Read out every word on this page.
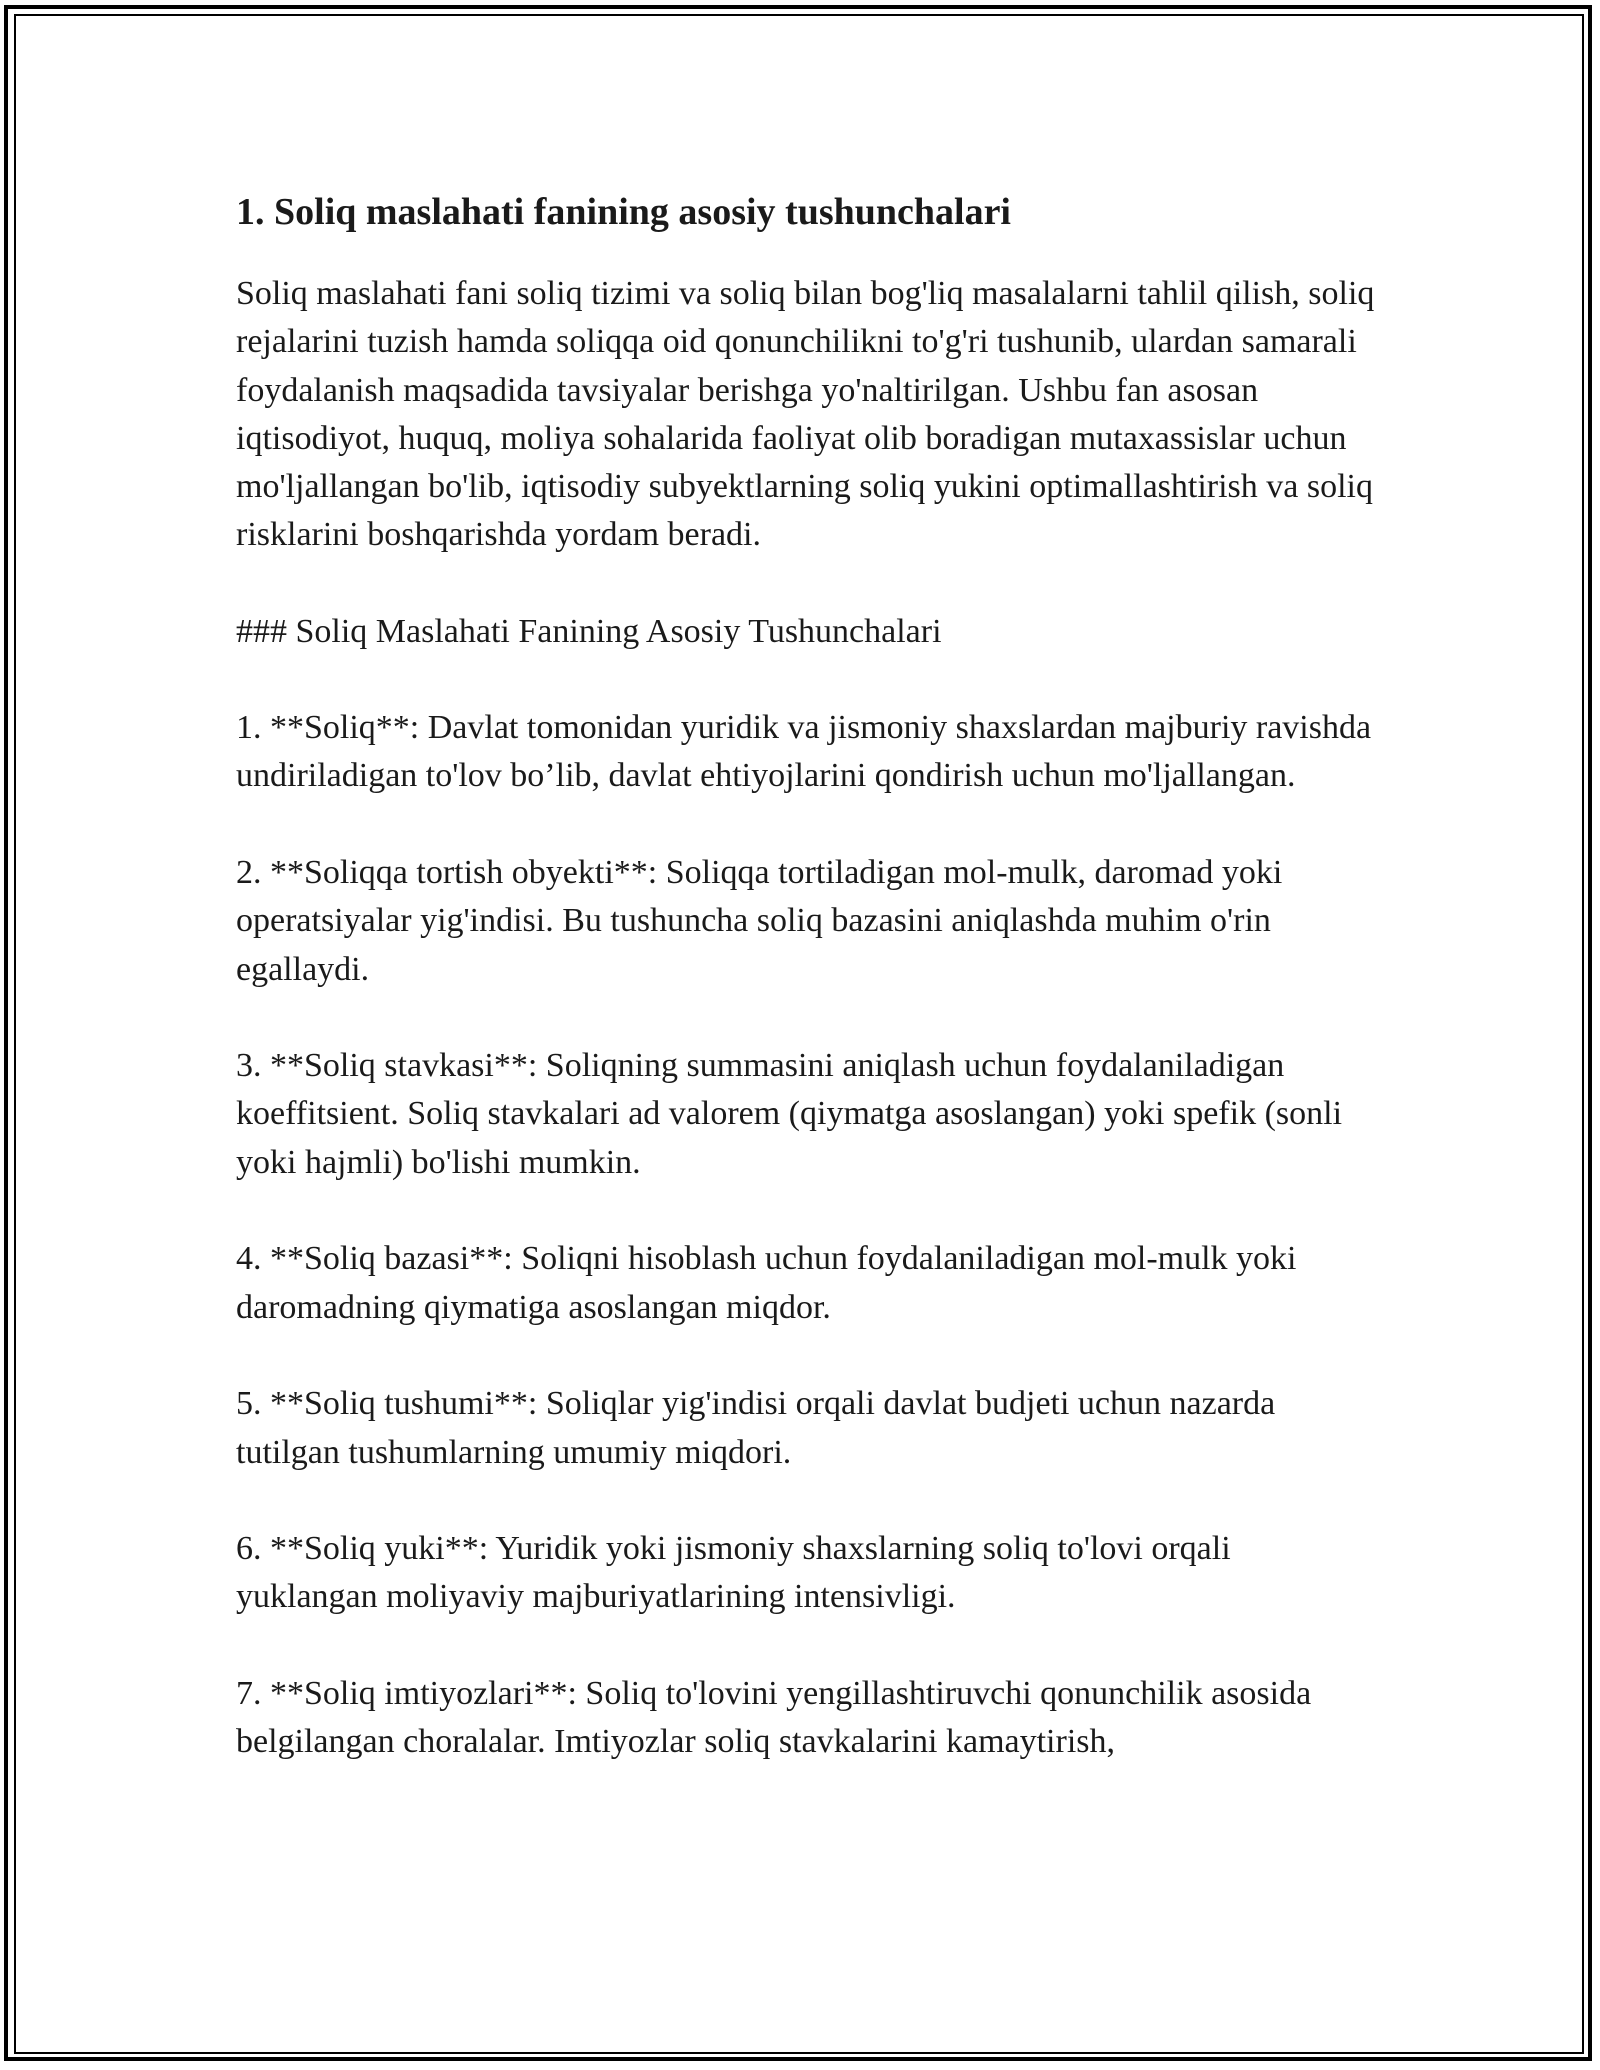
1. Soliq maslahati fanining asosiy tushunchalari

Soliq maslahati fani soliq tizimi va soliq bilan bog'liq masalalarni tahlil qilish, soliq rejalarini tuzish hamda soliqqa oid qonunchilikni to'g'ri tushunib, ulardan samarali foydalanish maqsadida tavsiyalar berishga yo'naltirilgan. Ushbu fan asosan iqtisodiyot, huquq, moliya sohalarida faoliyat olib boradigan mutaxassislar uchun mo'ljallangan bo'lib, iqtisodiy subyektlarning soliq yukini optimallashtirish va soliq risklarini boshqarishda yordam beradi.

### Soliq Maslahati Fanining Asosiy Tushunchalari

1. **Soliq**: Davlat tomonidan yuridik va jismoniy shaxslardan majburiy ravishda undiriladigan to'lov bo’lib, davlat ehtiyojlarini qondirish uchun mo'ljallangan.

2. **Soliqqa tortish obyekti**: Soliqqa tortiladigan mol-mulk, daromad yoki operatsiyalar yig'indisi. Bu tushuncha soliq bazasini aniqlashda muhim o'rin egallaydi.

3. **Soliq stavkasi**: Soliqning summasini aniqlash uchun foydalaniladigan koeffitsient. Soliq stavkalari ad valorem (qiymatga asoslangan) yoki spefik (sonli yoki hajmli) bo'lishi mumkin.

4. **Soliq bazasi**: Soliqni hisoblash uchun foydalaniladigan mol-mulk yoki daromadning qiymatiga asoslangan miqdor.

5. **Soliq tushumi**: Soliqlar yig'indisi orqali davlat budjeti uchun nazarda tutilgan tushumlarning umumiy miqdori.

6. **Soliq yuki**: Yuridik yoki jismoniy shaxslarning soliq to'lovi orqali yuklangan moliyaviy majburiyatlarining intensivligi.

7. **Soliq imtiyozlari**: Soliq to'lovini yengillashtiruvchi qonunchilik asosida belgilangan choralalar. Imtiyozlar soliq stavkalarini kamaytirish,
